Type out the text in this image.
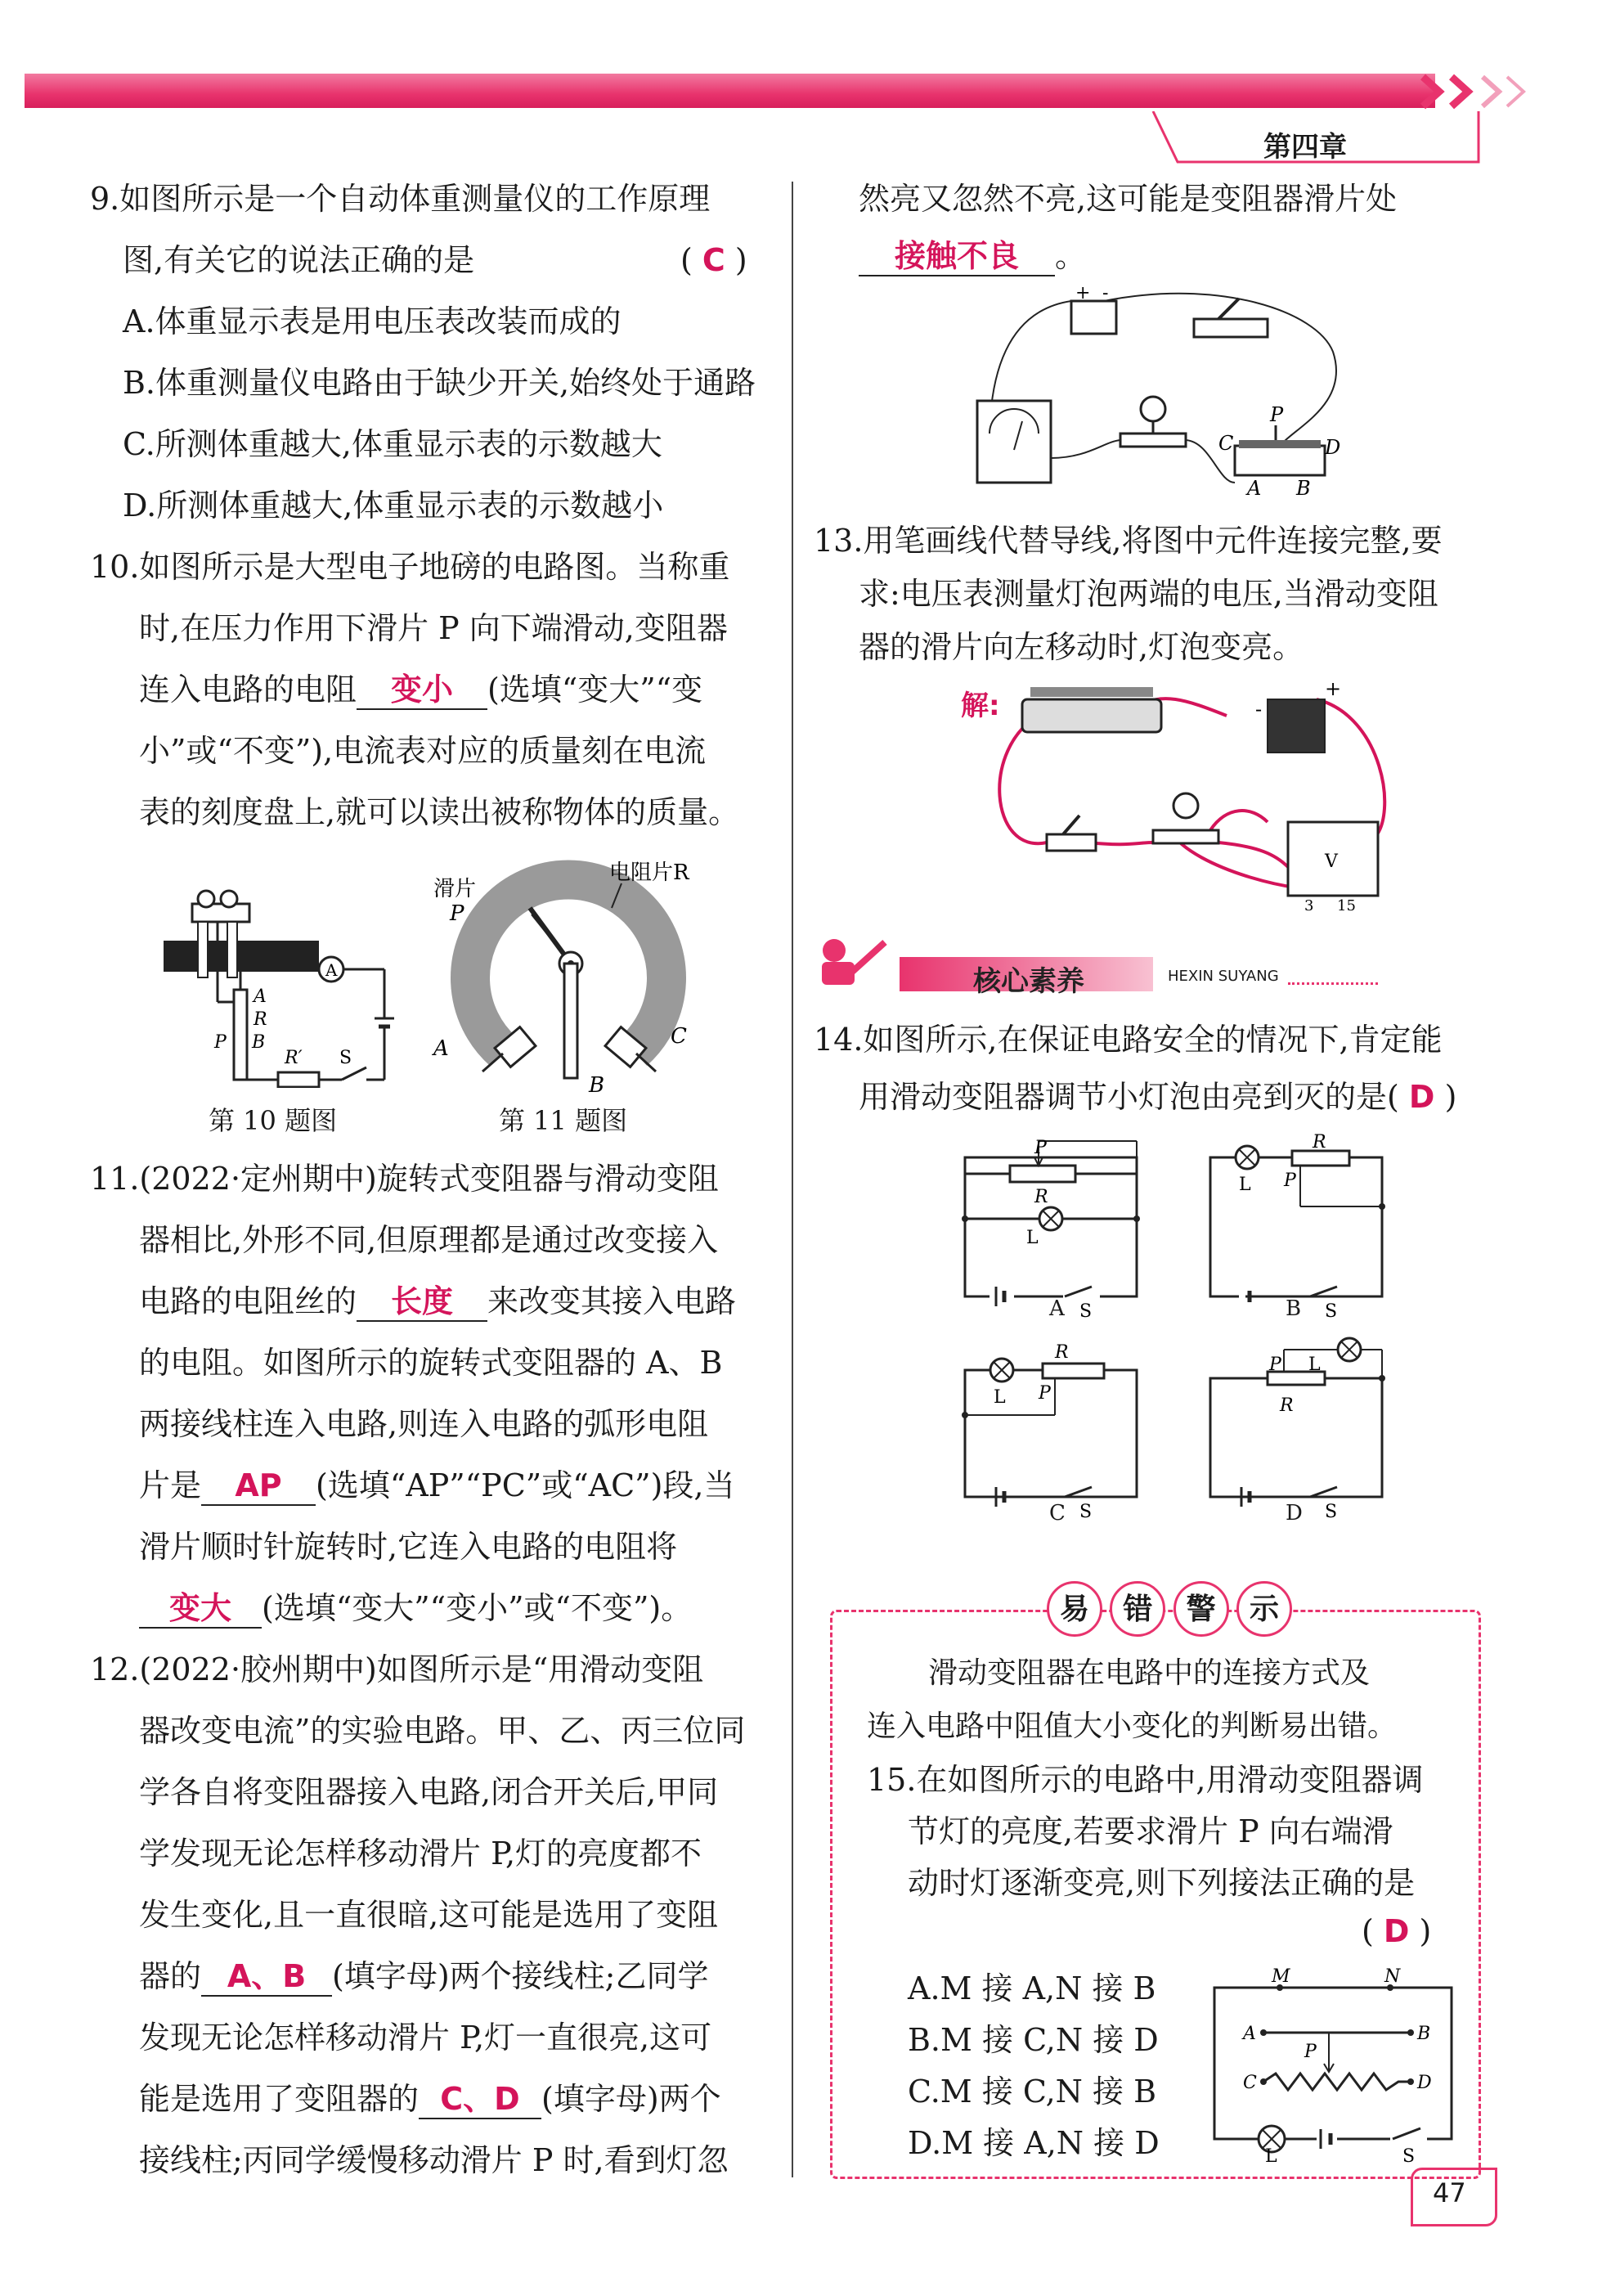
第四章
9.如图所示是一个自动体重测量仪的工作原理
图,有关它的说法正确的是	( C )
A.体重显示表是用电压表改装而成的
B.体重测量仪电路由于缺少开关,始终处于通路
C.所测体重越大,体重显示表的示数越大
D.所测体重越大,体重显示表的示数越小
10.如图所示是大型电子地磅的电路图。当称重
时,在压力作用下滑片 P 向下端滑动,变阻器
连入电路的电阻 变小 (选填“变大”“变
小”或“不变”),电流表对应的质量刻在电流
表的刻度盘上,就可以读出被称物体的质量。
A
A
R
P B
R′ S
第 10 题图
滑片
P
电阻片R
A
B
C
第 11 题图
11.(2022·定州期中)旋转式变阻器与滑动变阻
器相比,外形不同,但原理都是通过改变接入
电路的电阻丝的 长度 来改变其接入电路
的电阻。如图所示的旋转式变阻器的 A、B
两接线柱连入电路,则连入电路的弧形电阻
片是 AP (选填“AP”“PC”或“AC”)段,当
滑片顺时针旋转时,它连入电路的电阻将
变大 (选填“变大”“变小”或“不变”)。
12.(2022·胶州期中)如图所示是“用滑动变阻
器改变电流”的实验电路。甲、乙、丙三位同
学各自将变阻器接入电路,闭合开关后,甲同
学发现无论怎样移动滑片 P,灯的亮度都不
发生变化,且一直很暗,这可能是选用了变阻
器的 A、B (填字母)两个接线柱;乙同学
发现无论怎样移动滑片 P,灯一直很亮,这可
能是选用了变阻器的 C、D (填字母)两个
接线柱;丙同学缓慢移动滑片 P 时,看到灯忽
然亮又忽然不亮,这可能是变阻器滑片处
接触不良 。
+ -
C
P
D
A B
13.用笔画线代替导线,将图中元件连接完整,要
求:电压表测量灯泡两端的电压,当滑动变阻
器的滑片向左移动时,灯泡变亮。
解:	-
+
V
3 15
核心素养	HEXIN SUYANG
14.如图所示,在保证电路安全的情况下,肯定能
用滑动变阻器调节小灯泡由亮到灭的是( D )
P
R
L
S
A
L
R
P
S
B
L
R
P
S
C
P L
R
S
D
易	错	警	示
滑动变阻器在电路中的连接方式及
连入电路中阻值大小变化的判断易出错。
15.在如图所示的电路中,用滑动变阻器调
节灯的亮度,若要求滑片 P 向右端滑
动时灯逐渐变亮,则下列接法正确的是
( D )
A.M 接 A,N 接 B
B.M 接 C,N 接 D
C.M 接 C,N 接 B
D.M 接 A,N 接 D
M	N
A	B
P
C	D
L	S
47
